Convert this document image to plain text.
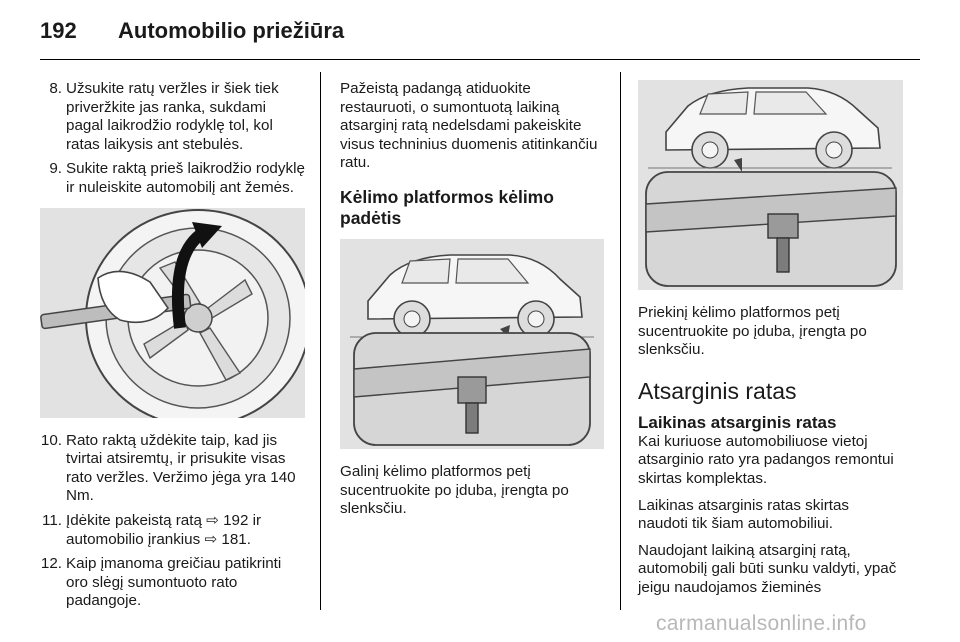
192 Automobilio priežiūra
8. Užsukite ratų veržles ir šiek tiek priveržkite jas ranka, sukdami pagal laikrodžio rodyklę tol, kol ratas laikysis ant stebulės.
9. Sukite raktą prieš laikrodžio rodyklę ir nuleiskite automobilį ant žemės.
10. Rato raktą uždėkite taip, kad jis tvirtai atsiremtų, ir prisukite visas rato veržles. Veržimo jėga yra 140 Nm.
11. Įdėkite pakeistą ratą ⇨ 192 ir automobilio įrankius ⇨ 181.
12. Kaip įmanoma greičiau patikrinti oro slėgį sumontuoto rato padangoje.

Pažeistą padangą atiduokite restauruoti, o sumontuotą laikiną atsarginį ratą nedelsdami pakeiskite visus techninius duomenis atitinkančiu ratu.

Kėlimo platformos kėlimo padėtis

Galinį kėlimo platformos petį sucentruokite po įduba, įrengta po slenksčiu.

Priekinį kėlimo platformos petį sucentruokite po įduba, įrengta po slenksčiu.

Atsarginis ratas
Laikinas atsarginis ratas

Kai kuriuose automobiliuose vietoj atsarginio rato yra padangos remontui skirtas komplektas.

Laikinas atsarginis ratas skirtas naudoti tik šiam automobiliui.

Naudojant laikiną atsarginį ratą, automobilį gali būti sunku valdyti, ypač jeigu naudojamos žieminės

carmanualsonline.info
